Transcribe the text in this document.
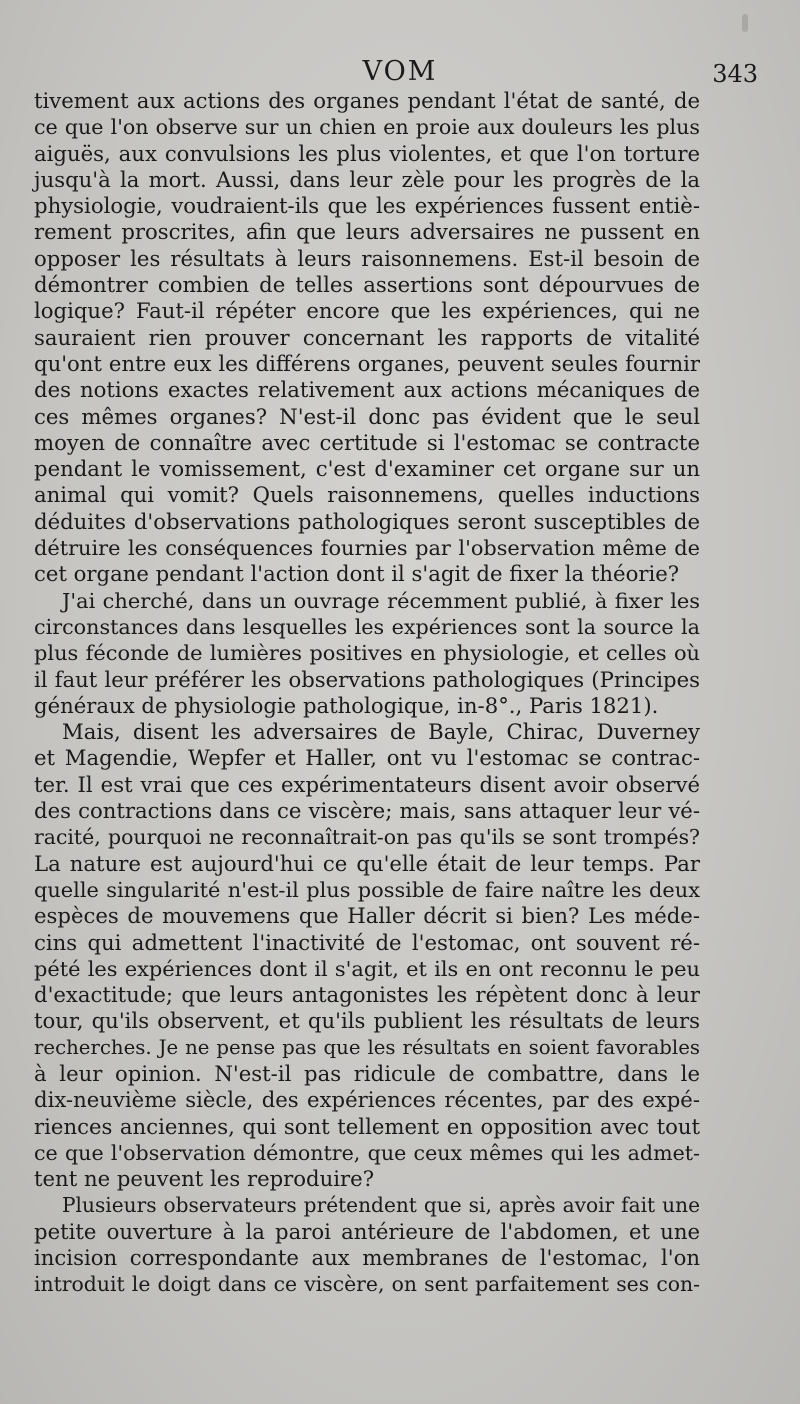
VOM	343
tivement aux actions des organes pendant l'état de santé, de
ce que l'on observe sur un chien en proie aux douleurs les plus
aiguës, aux convulsions les plus violentes, et que l'on torture
jusqu'à la mort. Aussi, dans leur zèle pour les progrès de la
physiologie, voudraient-ils que les expériences fussent entiè-
rement proscrites, afin que leurs adversaires ne pussent en
opposer les résultats à leurs raisonnemens. Est-il besoin de
démontrer combien de telles assertions sont dépourvues de
logique? Faut-il répéter encore que les expériences, qui ne
sauraient rien prouver concernant les rapports de vitalité
qu'ont entre eux les différens organes, peuvent seules fournir
des notions exactes relativement aux actions mécaniques de
ces mêmes organes? N'est-il donc pas évident que le seul
moyen de connaître avec certitude si l'estomac se contracte
pendant le vomissement, c'est d'examiner cet organe sur un
animal qui vomit? Quels raisonnemens, quelles inductions
déduites d'observations pathologiques seront susceptibles de
détruire les conséquences fournies par l'observation même de
cet organe pendant l'action dont il s'agit de fixer la théorie?
J'ai cherché, dans un ouvrage récemment publié, à fixer les
circonstances dans lesquelles les expériences sont la source la
plus féconde de lumières positives en physiologie, et celles où
il faut leur préférer les observations pathologiques (Principes
généraux de physiologie pathologique, in-8°., Paris 1821).
Mais, disent les adversaires de Bayle, Chirac, Duverney
et Magendie, Wepfer et Haller, ont vu l'estomac se contrac-
ter. Il est vrai que ces expérimentateurs disent avoir observé
des contractions dans ce viscère; mais, sans attaquer leur vé-
racité, pourquoi ne reconnaîtrait-on pas qu'ils se sont trompés?
La nature est aujourd'hui ce qu'elle était de leur temps. Par
quelle singularité n'est-il plus possible de faire naître les deux
espèces de mouvemens que Haller décrit si bien? Les méde-
cins qui admettent l'inactivité de l'estomac, ont souvent ré-
pété les expériences dont il s'agit, et ils en ont reconnu le peu
d'exactitude; que leurs antagonistes les répètent donc à leur
tour, qu'ils observent, et qu'ils publient les résultats de leurs
recherches. Je ne pense pas que les résultats en soient favorables
à leur opinion. N'est-il pas ridicule de combattre, dans le
dix-neuvième siècle, des expériences récentes, par des expé-
riences anciennes, qui sont tellement en opposition avec tout
ce que l'observation démontre, que ceux mêmes qui les admet-
tent ne peuvent les reproduire?
Plusieurs observateurs prétendent que si, après avoir fait une
petite ouverture à la paroi antérieure de l'abdomen, et une
incision correspondante aux membranes de l'estomac, l'on
introduit le doigt dans ce viscère, on sent parfaitement ses con-
